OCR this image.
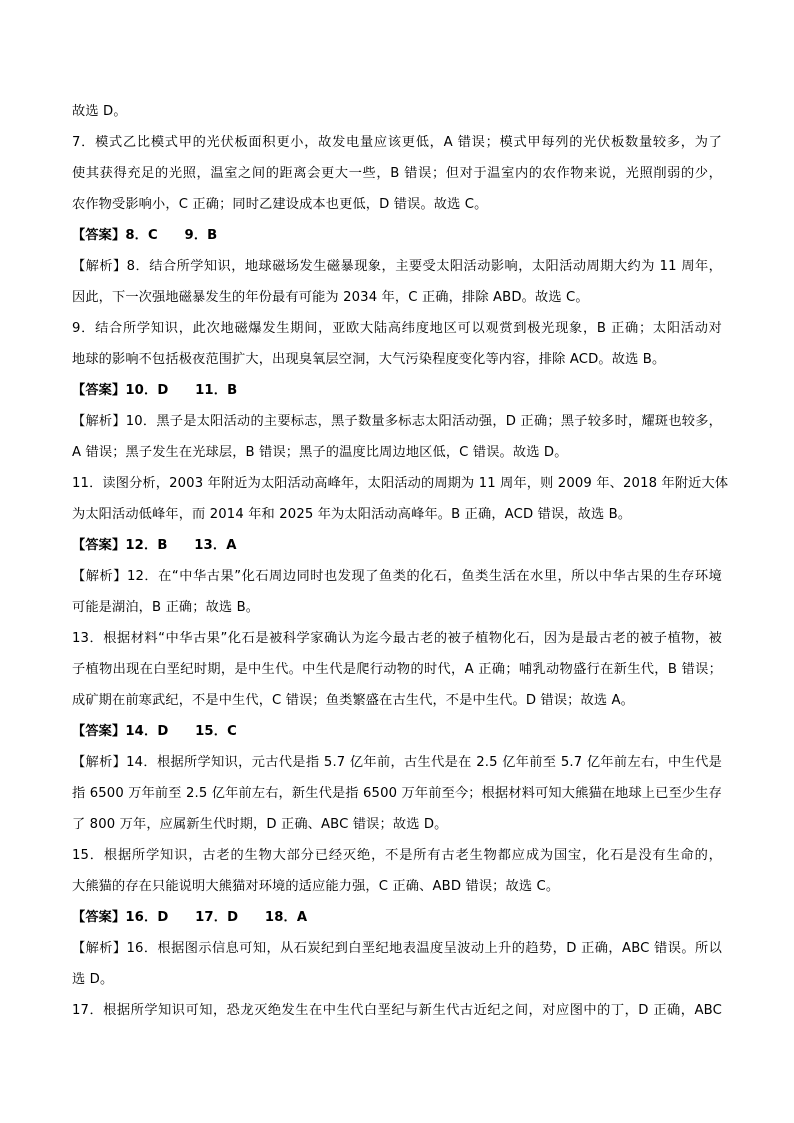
故选 D。
7．模式乙比模式甲的光伏板面积更小，故发电量应该更低，A 错误；模式甲每列的光伏板数量较多，为了
使其获得充足的光照，温室之间的距离会更大一些，B 错误；但对于温室内的农作物来说，光照削弱的少，
农作物受影响小，C 正确；同时乙建设成本也更低，D 错误。故选 C。
【答案】8．C　　9．B
【解析】8．结合所学知识，地球磁场发生磁暴现象，主要受太阳活动影响，太阳活动周期大约为 11 周年，
因此，下一次强地磁暴发生的年份最有可能为 2034 年，C 正确，排除 ABD。故选 C。
9．结合所学知识，此次地磁爆发生期间，亚欧大陆高纬度地区可以观赏到极光现象，B 正确；太阳活动对
地球的影响不包括极夜范围扩大，出现臭氧层空洞，大气污染程度变化等内容，排除 ACD。故选 B。
【答案】10．D　　11．B
【解析】10．黑子是太阳活动的主要标志，黑子数量多标志太阳活动强，D 正确；黑子较多时，耀斑也较多，
A 错误；黑子发生在光球层，B 错误；黑子的温度比周边地区低，C 错误。故选 D。
11．读图分析，2003 年附近为太阳活动高峰年，太阳活动的周期为 11 周年，则 2009 年、2018 年附近大体
为太阳活动低峰年，而 2014 年和 2025 年为太阳活动高峰年。B 正确，ACD 错误，故选 B。
【答案】12．B　　13．A
【解析】12．在“中华古果”化石周边同时也发现了鱼类的化石，鱼类生活在水里，所以中华古果的生存环境
可能是湖泊，B 正确；故选 B。
13．根据材料“中华古果”化石是被科学家确认为迄今最古老的被子植物化石，因为是最古老的被子植物，被
子植物出现在白垩纪时期，是中生代。中生代是爬行动物的时代，A 正确；哺乳动物盛行在新生代，B 错误；
成矿期在前寒武纪，不是中生代，C 错误；鱼类繁盛在古生代，不是中生代。D 错误；故选 A。
【答案】14．D　　15．C
【解析】14．根据所学知识，元古代是指 5.7 亿年前，古生代是在 2.5 亿年前至 5.7 亿年前左右，中生代是
指 6500 万年前至 2.5 亿年前左右，新生代是指 6500 万年前至今；根据材料可知大熊猫在地球上已至少生存
了 800 万年，应属新生代时期，D 正确、ABC 错误；故选 D。
15．根据所学知识，古老的生物大部分已经灭绝，不是所有古老生物都应成为国宝，化石是没有生命的，
大熊猫的存在只能说明大熊猫对环境的适应能力强，C 正确、ABD 错误；故选 C。
【答案】16．D　　17．D　　18．A
【解析】16．根据图示信息可知，从石炭纪到白垩纪地表温度呈波动上升的趋势，D 正确，ABC 错误。所以
选 D。
17．根据所学知识可知，恐龙灭绝发生在中生代白垩纪与新生代古近纪之间，对应图中的丁，D 正确，ABC
